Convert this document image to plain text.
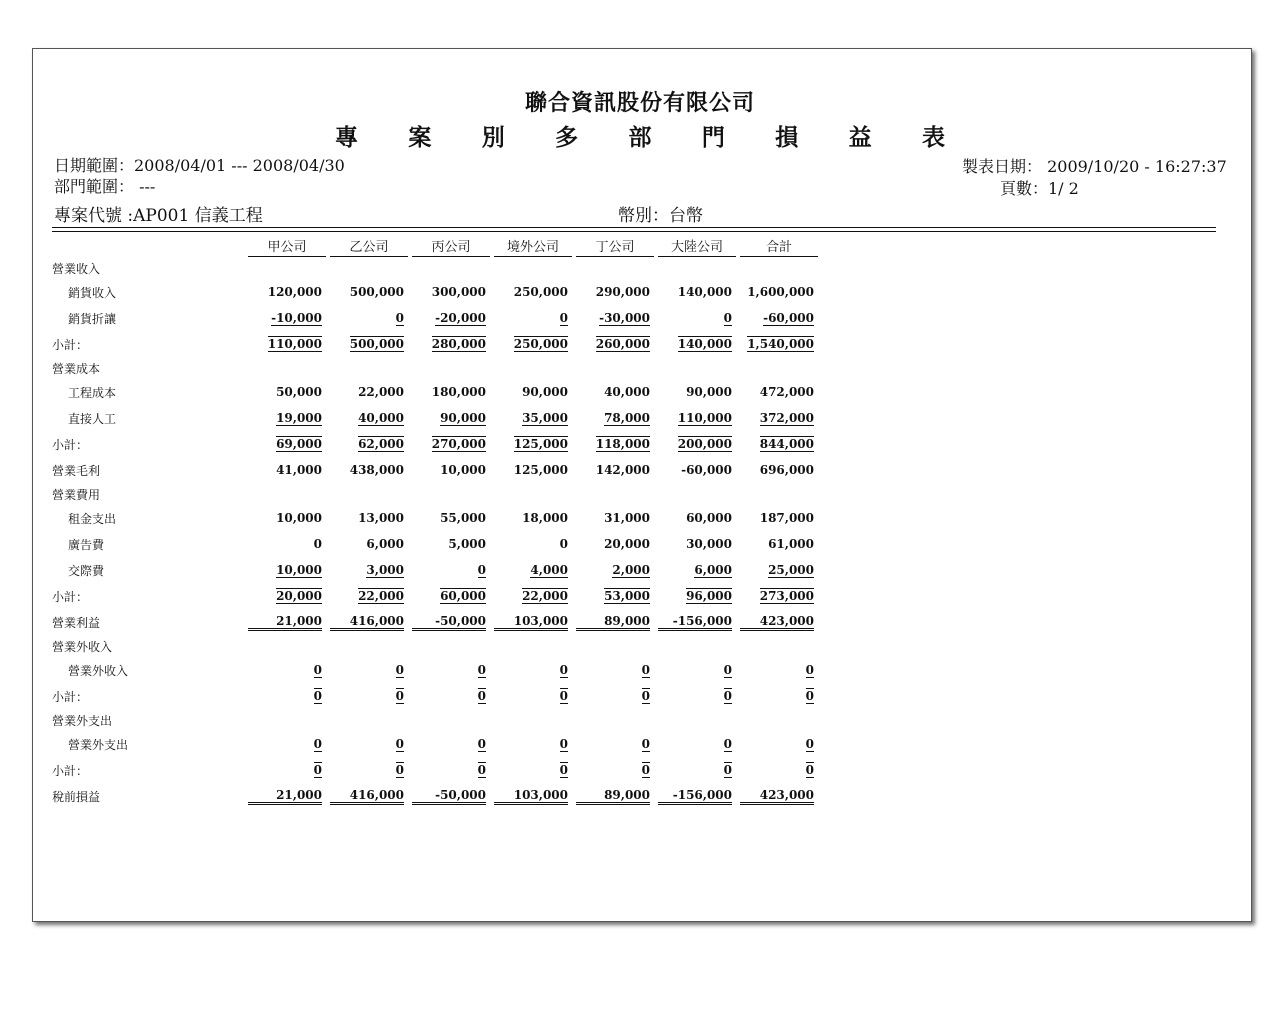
聯合資訊股份有限公司
專 案 別 多 部 門 損 益 表
日期範圍：2008/04/01 --- 2008/04/30
部門範圍： ---
製表日期： 2009/10/20 - 16:27:37
頁數：1/ 2
專案代號 :AP001 信義工程	幣別：台幣

	甲公司	乙公司	丙公司	境外公司	丁公司	大陸公司	合計

營業收入							
銷貨收入	120,000	500,000	300,000	250,000	290,000	140,000	1,600,000
銷貨折讓	-10,000	0	-20,000	0	-30,000	0	-60,000
小計：	110,000	500,000	280,000	250,000	260,000	140,000	1,540,000
營業成本							
工程成本	50,000	22,000	180,000	90,000	40,000	90,000	472,000
直接人工	19,000	40,000	90,000	35,000	78,000	110,000	372,000
小計：	69,000	62,000	270,000	125,000	118,000	200,000	844,000
營業毛利	41,000	438,000	10,000	125,000	142,000	-60,000	696,000

營業費用							
租金支出	10,000	13,000	55,000	18,000	31,000	60,000	187,000
廣告費	0	6,000	5,000	0	20,000	30,000	61,000
交際費	10,000	3,000	0	4,000	2,000	6,000	25,000
小計：	20,000	22,000	60,000	22,000	53,000	96,000	273,000
營業利益	21,000	416,000	-50,000	103,000	89,000	-156,000	423,000

營業外收入							
營業外收入	0	0	0	0	0	0	0
小計：	0	0	0	0	0	0	0
營業外支出							
營業外支出	0	0	0	0	0	0	0
小計：	0	0	0	0	0	0	0
稅前損益	21,000	416,000	-50,000	103,000	89,000	-156,000	423,000
